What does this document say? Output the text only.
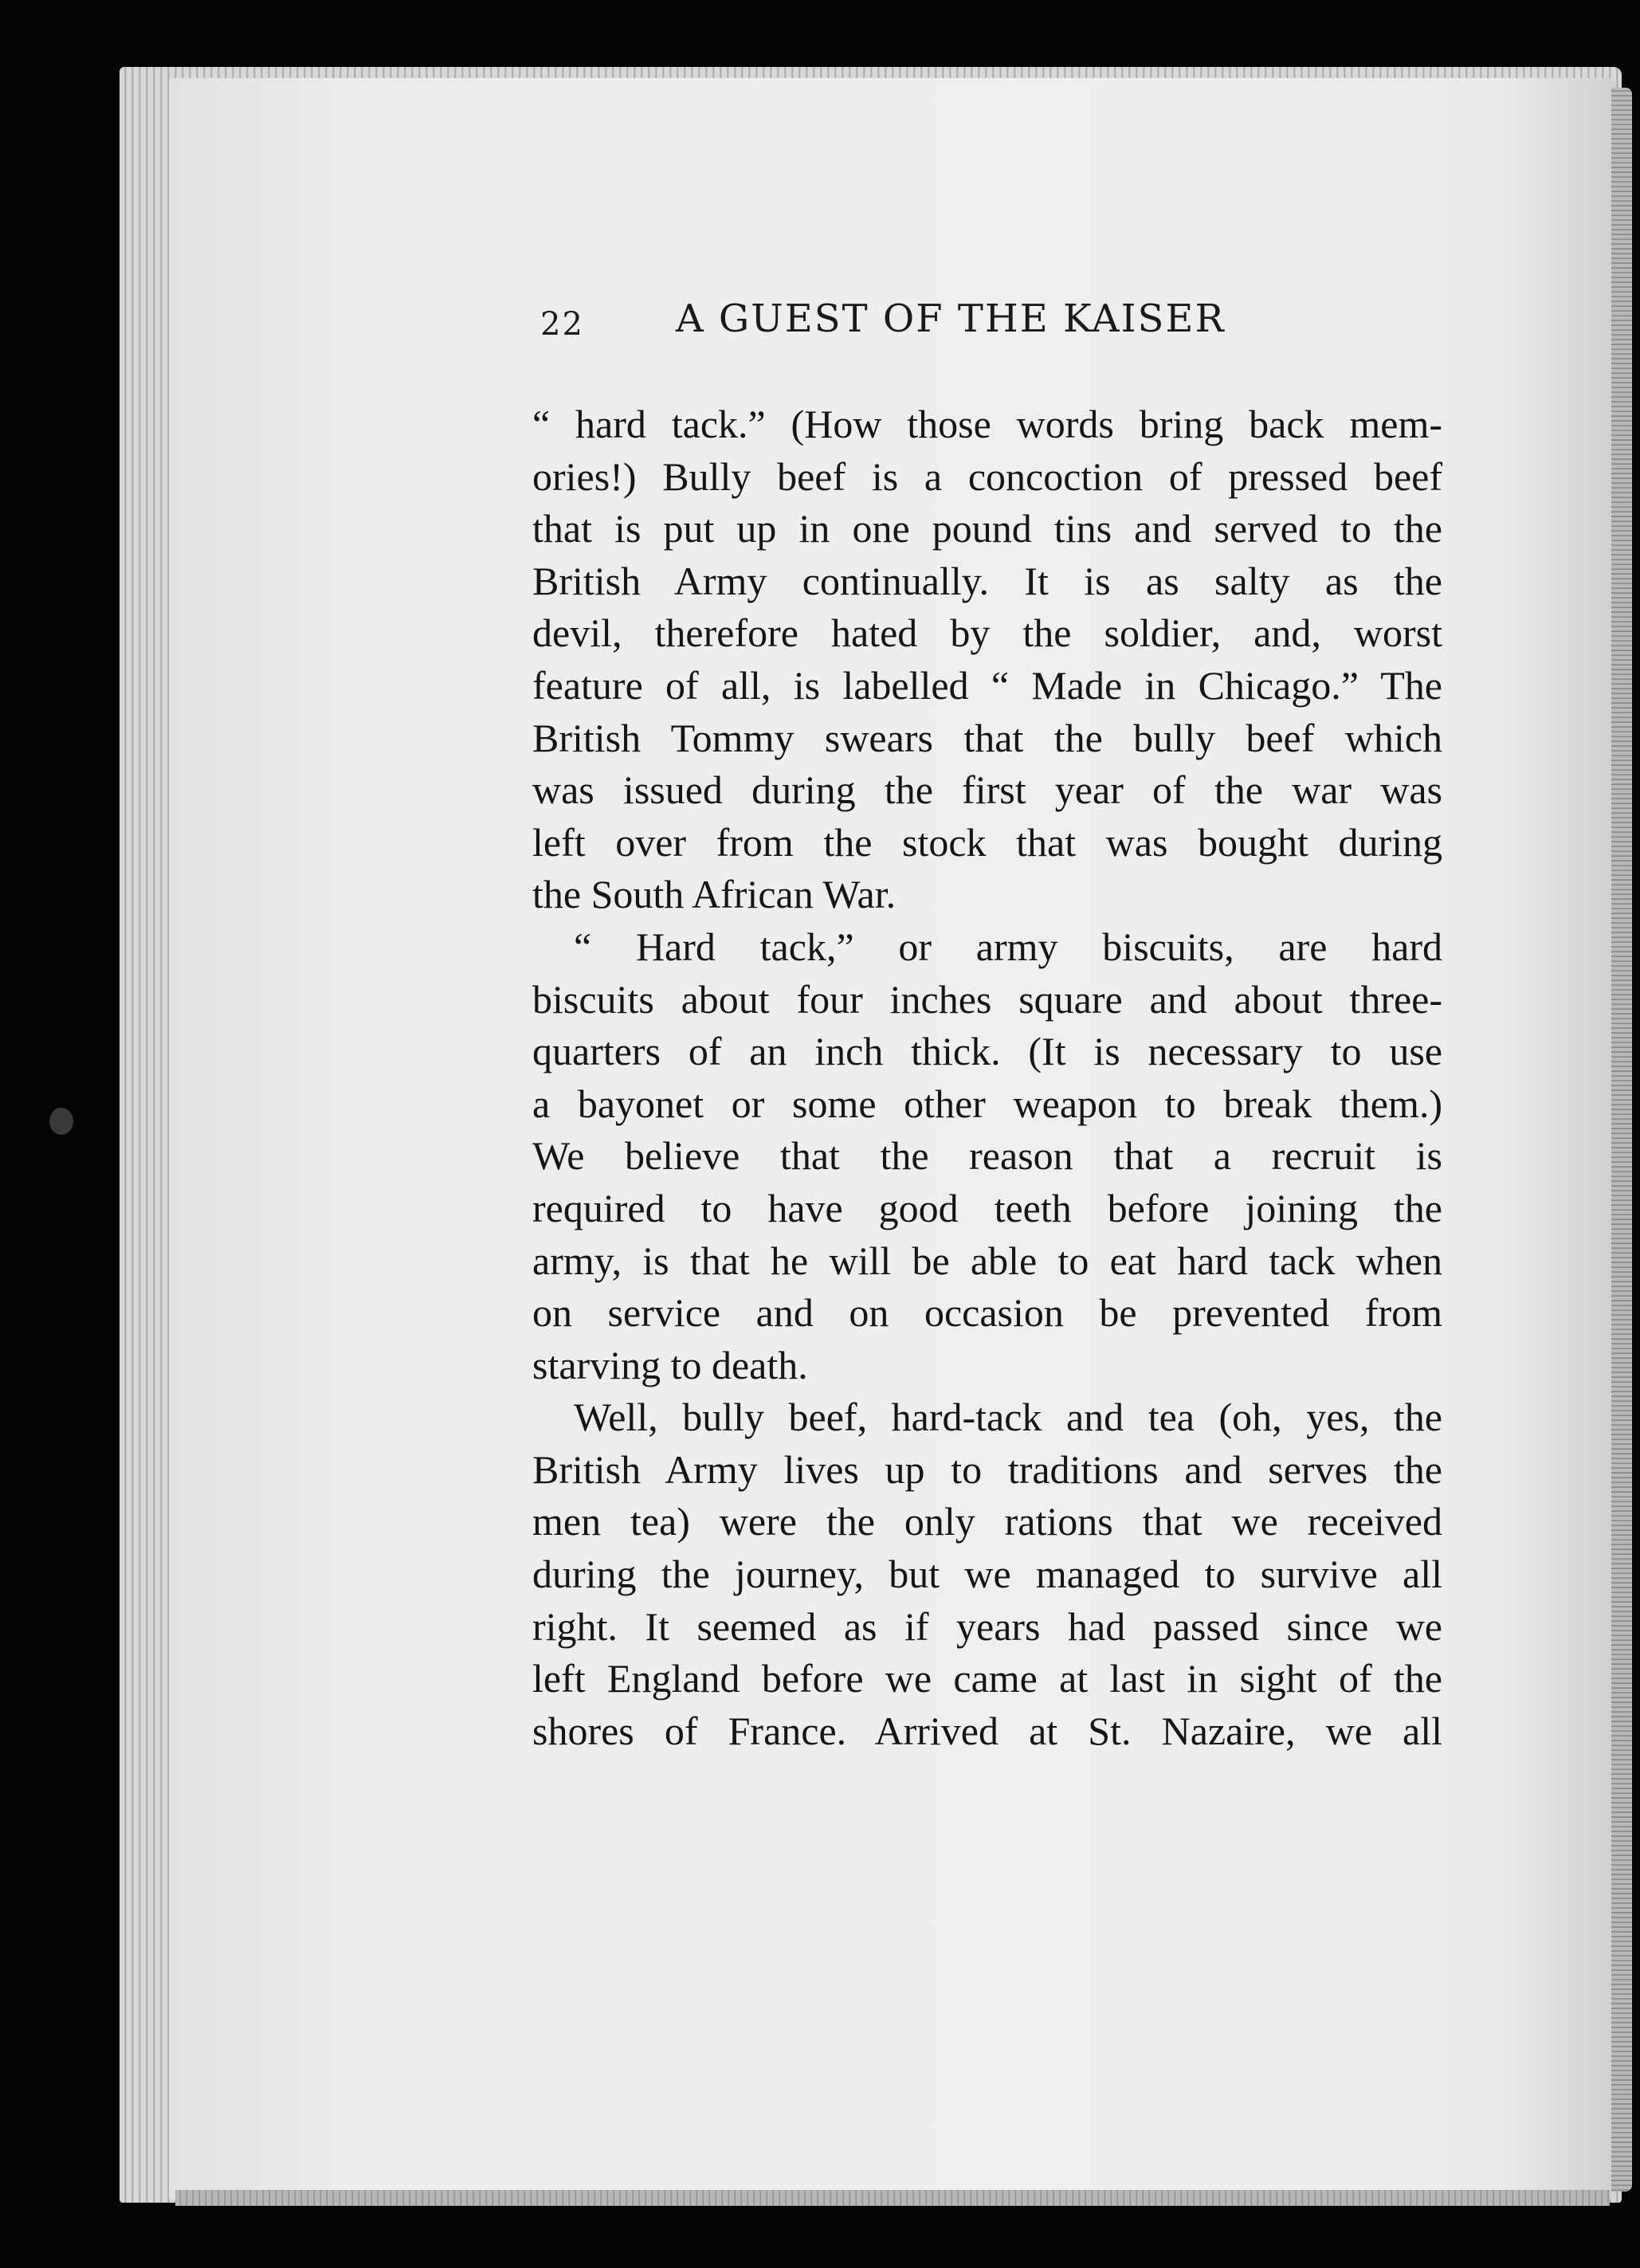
22 A GUEST OF THE KAISER
“ hard tack.” (How those words bring back mem-
ories!) Bully beef is a concoction of pressed beef
that is put up in one pound tins and served to the
British Army continually. It is as salty as the
devil, therefore hated by the soldier, and, worst
feature of all, is labelled “ Made in Chicago.” The
British Tommy swears that the bully beef which
was issued during the first year of the war was
left over from the stock that was bought during
the South African War.
“ Hard tack,” or army biscuits, are hard
biscuits about four inches square and about three-
quarters of an inch thick. (It is necessary to use
a bayonet or some other weapon to break them.)
We believe that the reason that a recruit is
required to have good teeth before joining the
army, is that he will be able to eat hard tack when
on service and on occasion be prevented from
starving to death.
Well, bully beef, hard-tack and tea (oh, yes, the
British Army lives up to traditions and serves the
men tea) were the only rations that we received
during the journey, but we managed to survive all
right. It seemed as if years had passed since we
left England before we came at last in sight of the
shores of France. Arrived at St. Nazaire, we all
